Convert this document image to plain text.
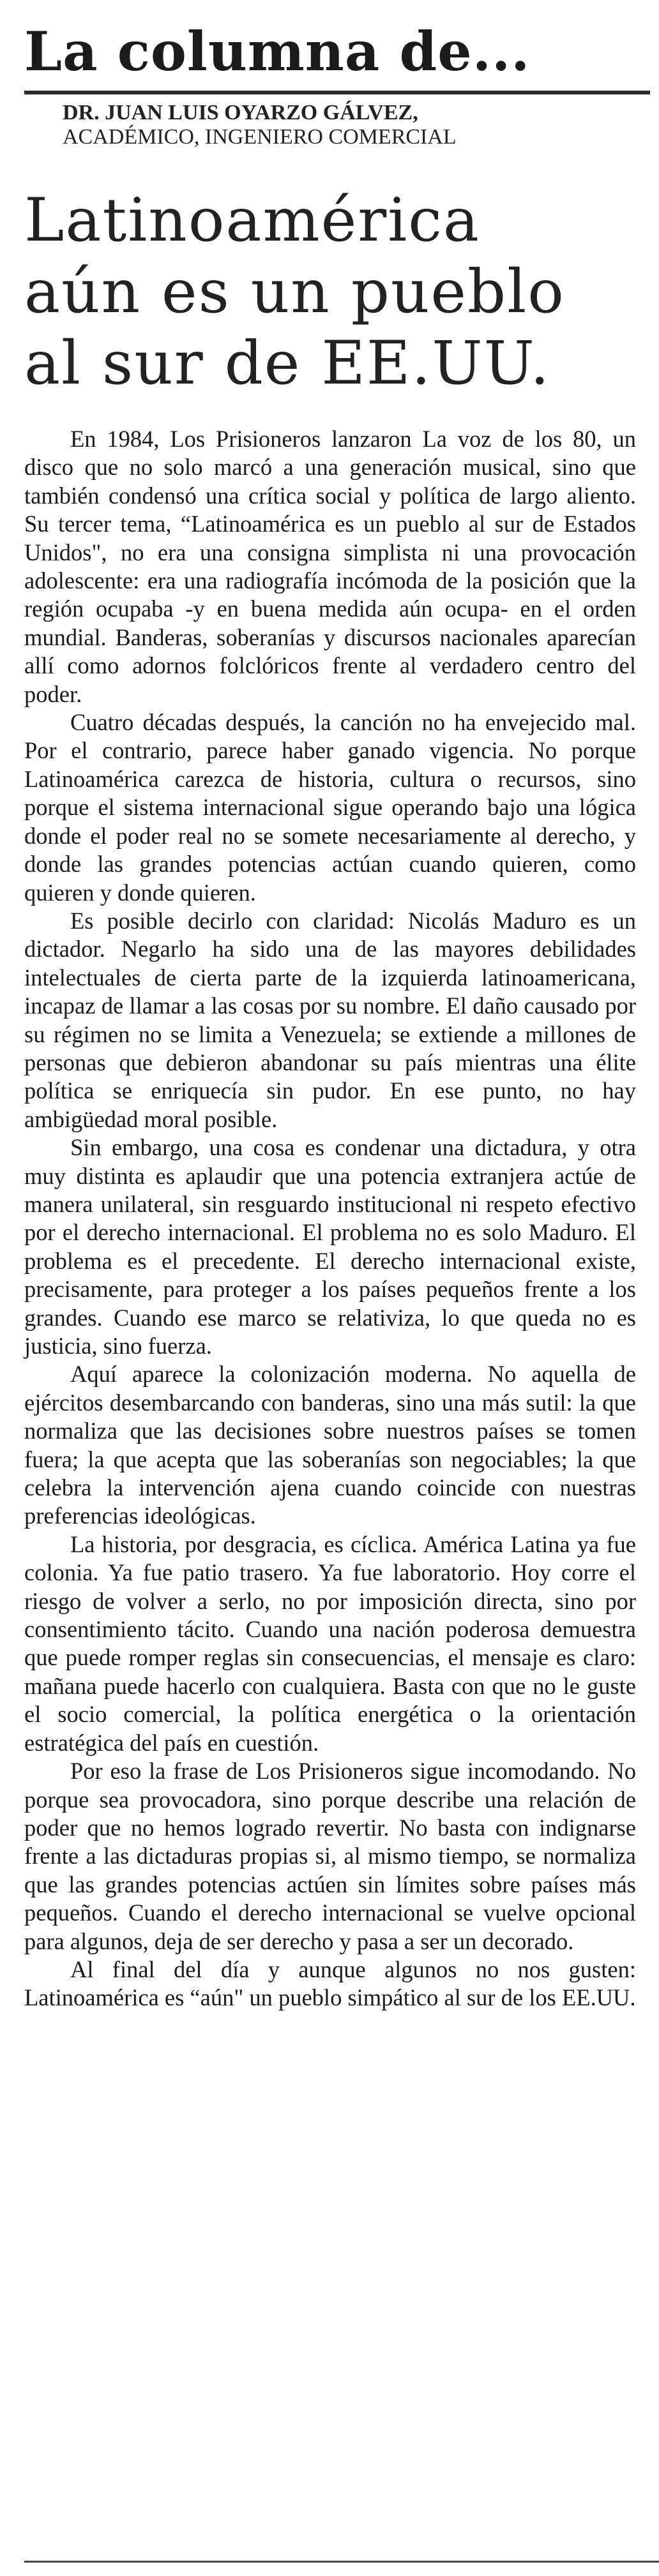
La columna de...
DR. JUAN LUIS OYARZO GÁLVEZ,
ACADÉMICO, INGENIERO COMERCIAL
Latinoamérica
aún es un pueblo
al sur de EE.UU.

En 1984, Los Prisioneros lanzaron La voz de los 80, un disco que no solo marcó a una generación musical, sino que también condensó una crítica social y política de largo aliento. Su tercer tema, “Latinoamérica es un pueblo al sur de Estados Unidos", no era una consigna simplista ni una provocación adolescente: era una radiografía incómoda de la posición que la región ocupaba -y en buena medida aún ocupa- en el orden mundial. Banderas, soberanías y discursos nacionales aparecían allí como adornos folclóricos frente al verdadero centro del poder.

Cuatro décadas después, la canción no ha envejecido mal. Por el contrario, parece haber ganado vigencia. No porque Latinoamérica carezca de historia, cultura o recursos, sino porque el sistema internacional sigue operando bajo una lógica donde el poder real no se somete necesariamente al derecho, y donde las grandes potencias actúan cuando quieren, como quieren y donde quieren.

Es posible decirlo con claridad: Nicolás Maduro es un dictador. Negarlo ha sido una de las mayores debilidades intelectuales de cierta parte de la izquierda latinoamericana, incapaz de llamar a las cosas por su nombre. El daño causado por su régimen no se limita a Venezuela; se extiende a millones de personas que debieron abandonar su país mientras una élite política se enriquecía sin pudor. En ese punto, no hay ambigüedad moral posible.

Sin embargo, una cosa es condenar una dictadura, y otra muy distinta es aplaudir que una potencia extranjera actúe de manera unilateral, sin resguardo institucional ni respeto efectivo por el derecho internacional. El problema no es solo Maduro. El problema es el precedente. El derecho internacional existe, precisamente, para proteger a los países pequeños frente a los grandes. Cuando ese marco se relativiza, lo que queda no es justicia, sino fuerza.

Aquí aparece la colonización moderna. No aquella de ejércitos desembarcando con banderas, sino una más sutil: la que normaliza que las decisiones sobre nuestros países se tomen fuera; la que acepta que las soberanías son negociables; la que celebra la intervención ajena cuando coincide con nuestras preferencias ideológicas.

La historia, por desgracia, es cíclica. América Latina ya fue colonia. Ya fue patio trasero. Ya fue laboratorio. Hoy corre el riesgo de volver a serlo, no por imposición directa, sino por consentimiento tácito. Cuando una nación poderosa demuestra que puede romper reglas sin consecuencias, el mensaje es claro: mañana puede hacerlo con cualquiera. Basta con que no le guste el socio comercial, la política energética o la orientación estratégica del país en cuestión.

Por eso la frase de Los Prisioneros sigue incomodando. No porque sea provocadora, sino porque describe una relación de poder que no hemos logrado revertir. No basta con indignarse frente a las dictaduras propias si, al mismo tiempo, se normaliza que las grandes potencias actúen sin límites sobre países más pequeños. Cuando el derecho internacional se vuelve opcional para algunos, deja de ser derecho y pasa a ser un decorado.

Al final del día y aunque algunos no nos gusten: Latinoamérica es “aún" un pueblo simpático al sur de los EE.UU.
